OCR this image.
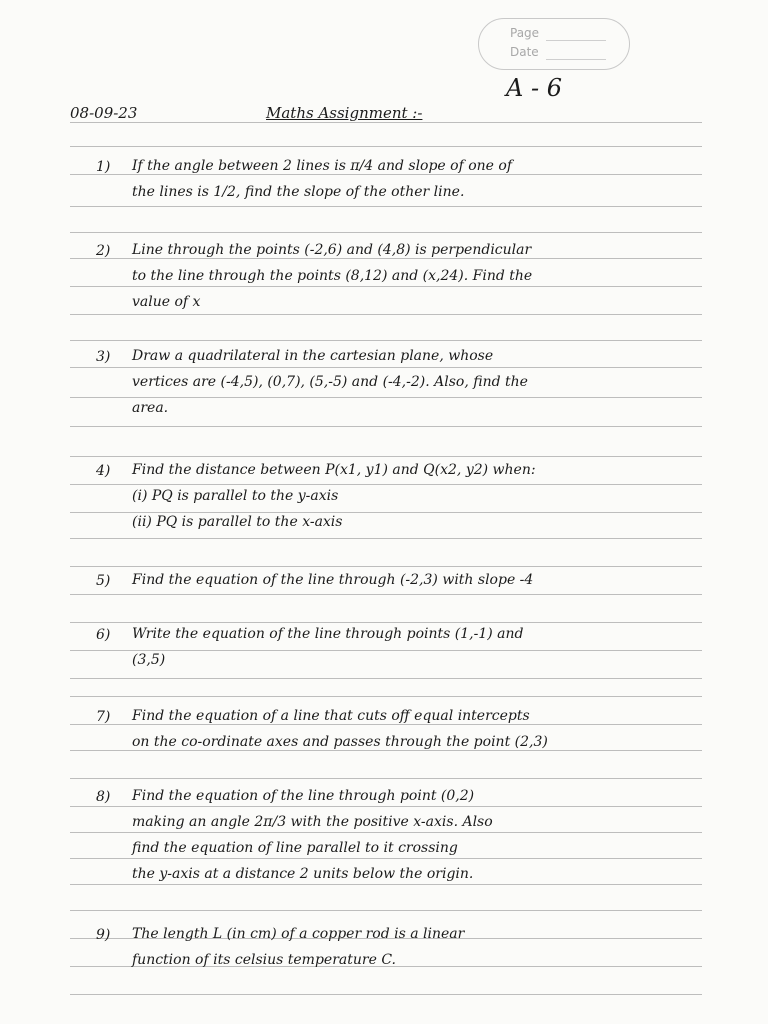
Page
Date
A - 6
08-09-23	Maths Assignment :-
1) If the angle between 2 lines is π/4 and slope of one of
the lines is 1/2, find the slope of the other line.
2) Line through the points (-2,6) and (4,8) is perpendicular
to the line through the points (8,12) and (x,24). Find the
value of x
3) Draw a quadrilateral in the cartesian plane, whose
vertices are (-4,5), (0,7), (5,-5) and (-4,-2). Also, find the
area.
4) Find the distance between P(x1, y1) and Q(x2, y2) when:
(i) PQ is parallel to the y-axis
(ii) PQ is parallel to the x-axis
5) Find the equation of the line through (-2,3) with slope -4
6) Write the equation of the line through points (1,-1) and
(3,5)
7) Find the equation of a line that cuts off equal intercepts
on the co-ordinate axes and passes through the point (2,3)
8) Find the equation of the line through point (0,2)
making an angle 2π/3 with the positive x-axis. Also
find the equation of line parallel to it crossing
the y-axis at a distance 2 units below the origin.
9) The length L (in cm) of a copper rod is a linear
function of its celsius temperature C.
